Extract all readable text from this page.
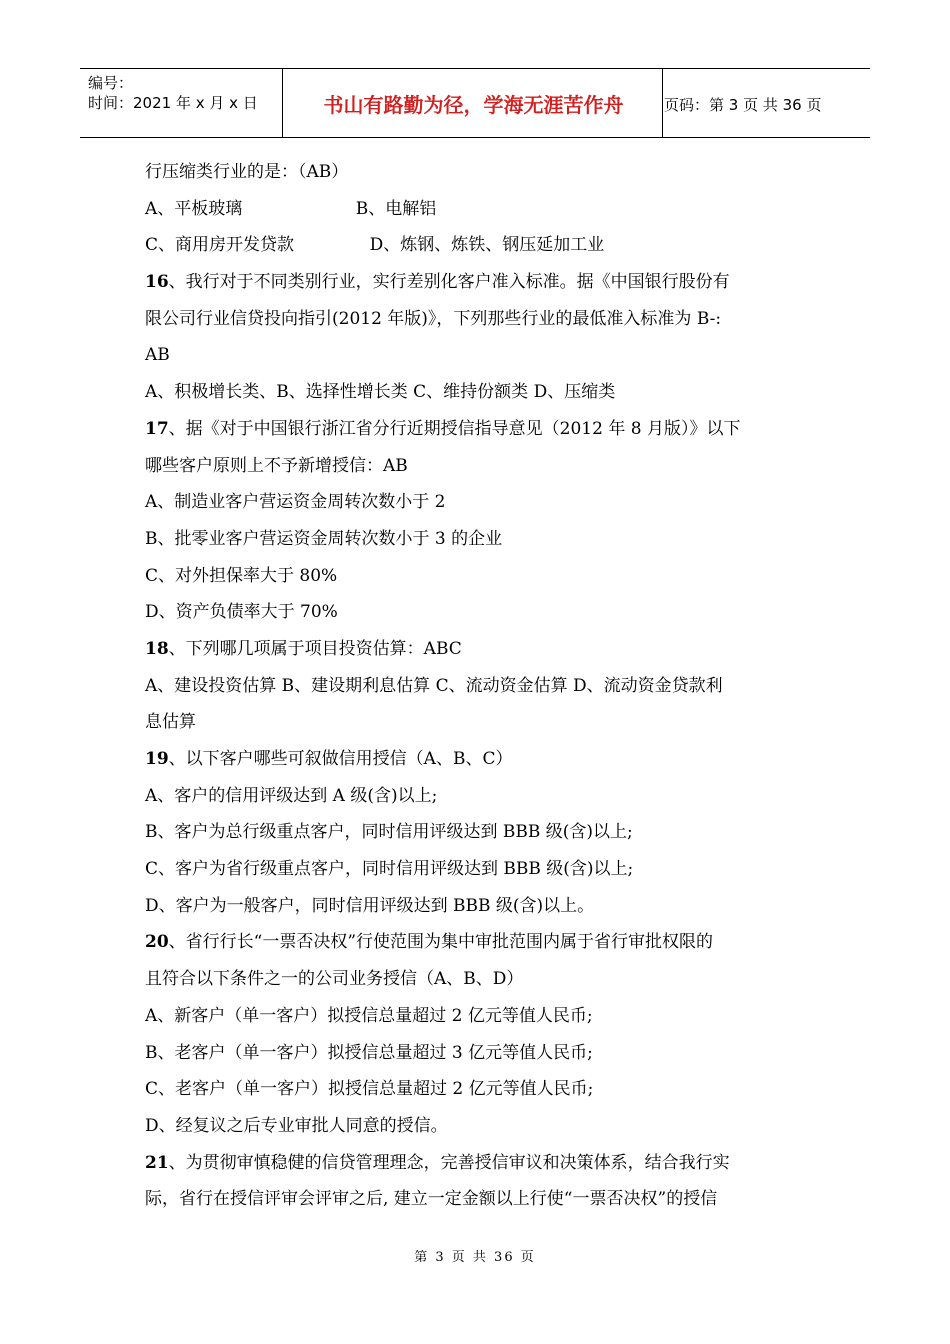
编号：
时间：2021 年 x 月 x 日	书山有路勤为径，学海无涯苦作舟	页码：第 3 页 共 36 页
行压缩类行业的是：（AB）
A、平板玻璃                     B、电解铝
C、商用房开发贷款              D、炼钢、炼铁、钢压延加工业
16、我行对于不同类别行业，实行差别化客户准入标准。据《中国银行股份有
限公司行业信贷投向指引(2012 年版)》，下列那些行业的最低准入标准为 B-:
AB
A、积极增长类、B、选择性增长类 C、维持份额类 D、压缩类
17、据《对于中国银行浙江省分行近期授信指导意见（2012 年 8 月版）》以下
哪些客户原则上不予新增授信：AB
A、制造业客户营运资金周转次数小于 2
B、批零业客户营运资金周转次数小于 3 的企业
C、对外担保率大于 80%
D、资产负债率大于 70%
18、下列哪几项属于项目投资估算：ABC
A、建设投资估算 B、建设期利息估算 C、流动资金估算 D、流动资金贷款利
息估算
19、以下客户哪些可叙做信用授信（A、B、C）
A、客户的信用评级达到 A 级(含)以上;
B、客户为总行级重点客户，同时信用评级达到 BBB 级(含)以上;
C、客户为省行级重点客户，同时信用评级达到 BBB 级(含)以上;
D、客户为一般客户，同时信用评级达到 BBB 级(含)以上。
20、省行行长“一票否决权”行使范围为集中审批范围内属于省行审批权限的
且符合以下条件之一的公司业务授信（A、B、D）
A、新客户（单一客户）拟授信总量超过 2 亿元等值人民币;
B、老客户（单一客户）拟授信总量超过 3 亿元等值人民币;
C、老客户（单一客户）拟授信总量超过 2 亿元等值人民币;
D、经复议之后专业审批人同意的授信。
21、为贯彻审慎稳健的信贷管理理念，完善授信审议和决策体系，结合我行实
际，省行在授信评审会评审之后, 建立一定金额以上行使“一票否决权”的授信
第 3 页 共 36 页
